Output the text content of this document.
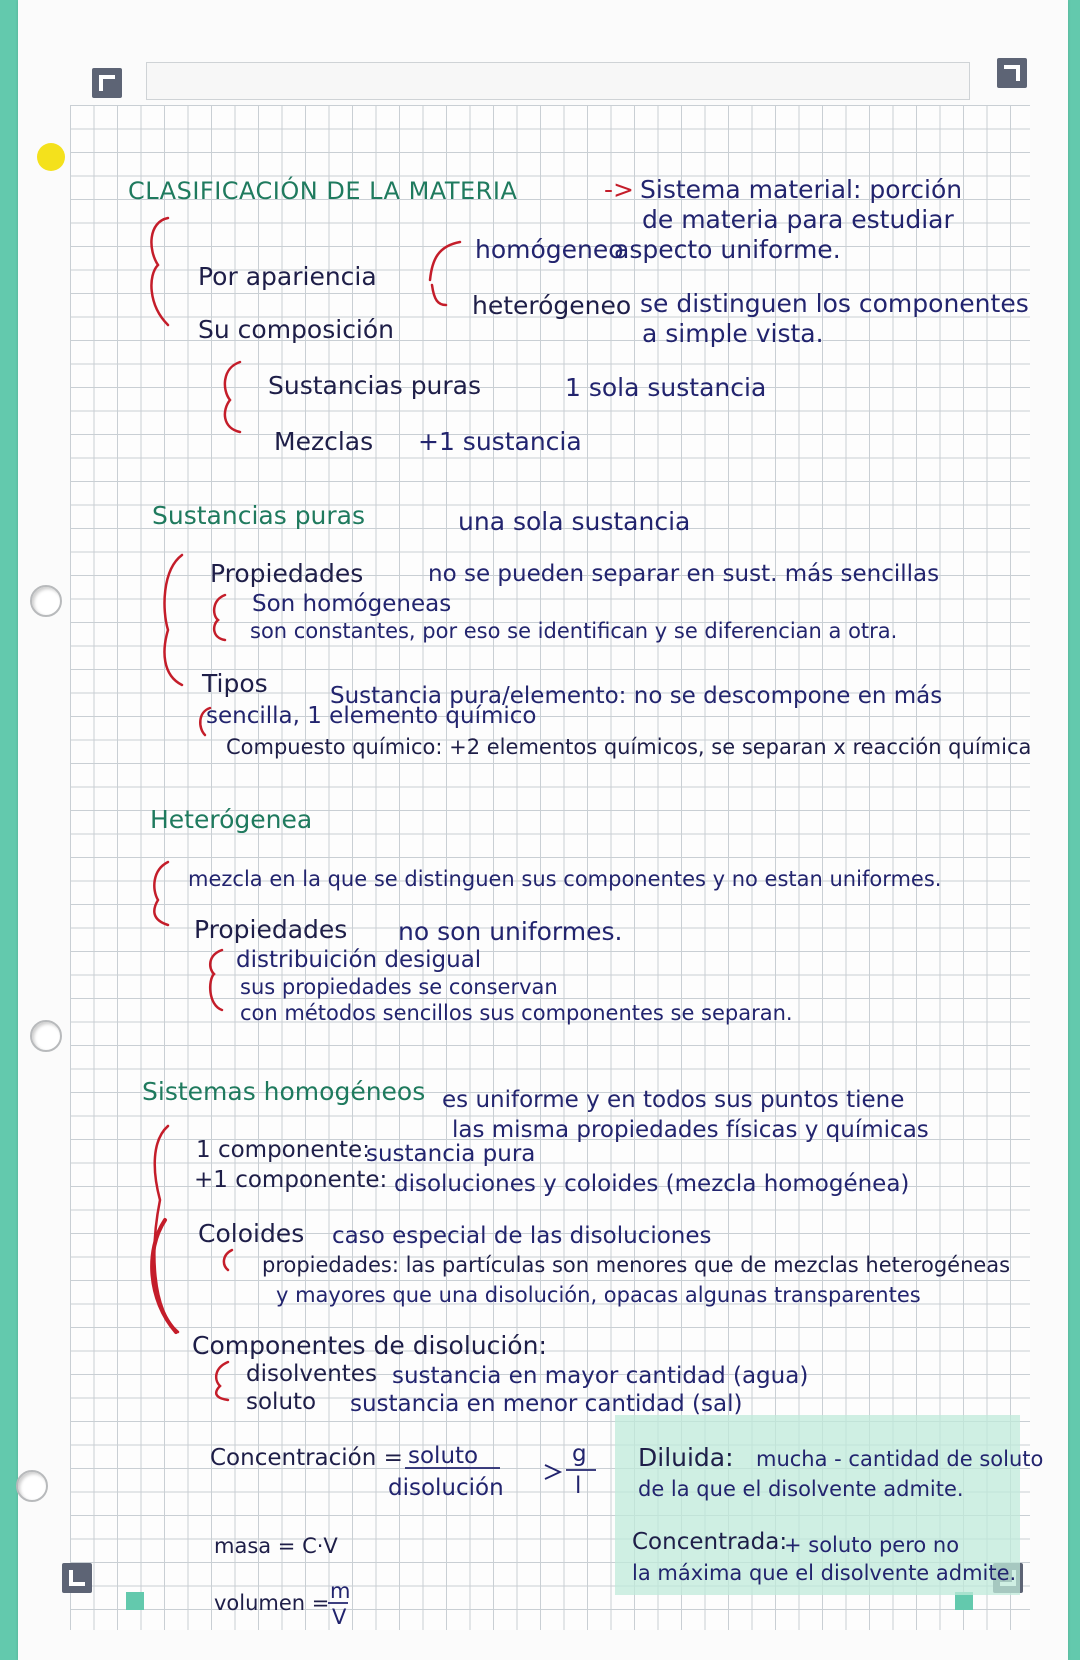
CLASIFICACIÓN DE LA MATERIA	-> Sistema material: porción
de materia para estudiar
homógeneo
aspecto uniforme.
Por apariencia
heterógeneo se distinguen los componentes
a simple vista.
Su composición
Sustancias puras	1 sola sustancia
Mezclas +1 sustancia
Sustancias puras	una sola sustancia
Propiedades	no se pueden separar en sust. más sencillas
Son homógeneas
son constantes, por eso se identifican y se diferencian a otra.
Tipos	Sustancia pura/elemento: no se descompone en más
sencilla, 1 elemento químico
Compuesto químico: +2 elementos químicos, se separan x reacción química
Heterógenea
mezcla en la que se distinguen sus componentes y no estan uniformes.
Propiedades no son uniformes.
distribuición desigual
sus propiedades se conservan
con métodos sencillos sus componentes se separan.
Sistemas homogéneos es uniforme y en todos sus puntos tiene
las misma propiedades físicas y químicas
1 componente:
sustancia pura
+1 componente: disoluciones y coloides (mezcla homogénea)
Coloides caso especial de las disoluciones
propiedades: las partículas son menores que de mezclas heterogéneas
y mayores que una disolución, opacas algunas transparentes
Componentes de disolución:
disolventes sustancia en mayor cantidad (agua)
soluto sustancia en menor cantidad (sal)
Concentración = soluto
disolución
g
l
masa = C·V
volumen = m
V
Diluida: mucha - cantidad de soluto
de la que el disolvente admite.
Concentrada:
+ soluto pero no
la máxima que el disolvente admite.
